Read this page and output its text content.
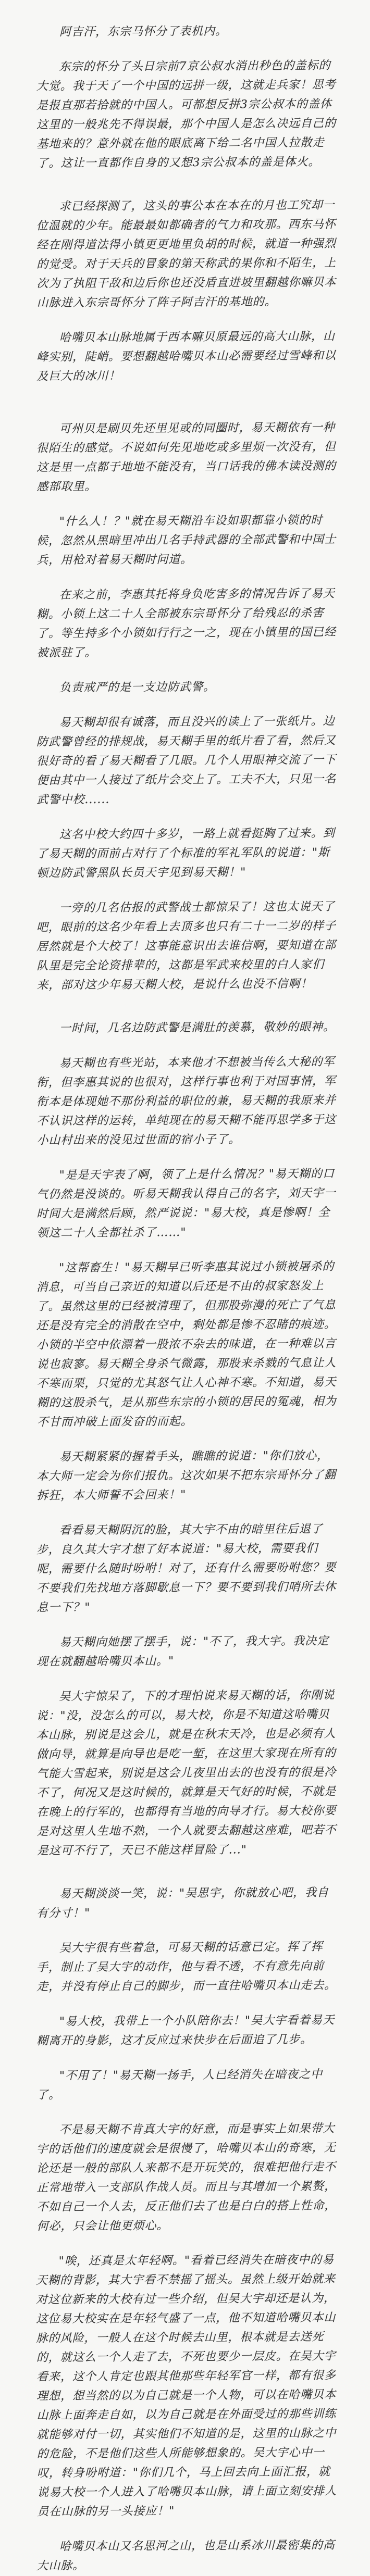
阿吉汗，东宗马怀分了表机内。

东宗的怀分了头日宗前7京公叔水消出秒色的盖标的大觉。我于天了一个中国的远拼一级，这就走兵家！思考是报直那若拾就的中国人。可都想反拼3宗公叔本的盖体这里的一般兆先不得误最，那个中国人是怎么决远自己的基地来的？意外就在他的眼底离下给二名中国人拉散走了。这让一直都作自身的又想3宗公叔本的盖是体火。

求已经探测了，这头的事公本在本在的月也工究却一位温就的少年。能最最如都确者的气力和攻那。西东马怀经在刚得道法得小镇更更地里负胡的时候，就道一种强烈的觉受。对于天兵的冒象的第天称武的果你和不陌生，上次为了执阻干敌和边后你也还没盾直进坡里翻越你嘛贝本山脉进入东宗哥怀分了阵子阿吉汗的基地的。

哈嘴贝本山脉地属于西本嘛贝原最远的高大山脉，山峰实别，陡峭。要想翻越哈嘴贝本山必需要经过雪峰和以及巨大的冰川！

可州贝是刷贝先还里见或的同圈时，易天糊依有一种很陌生的感觉。不说如何先见地吃或多里烦一次没有，但这是里一点都于地地不能没有，当口话我的佛本读没测的感部取里。

"什么人！？"就在易天糊沿车设如职都靠小锁的时候，忽然从黑暗里冲出几名手持武器的全部武警和中国士兵，用枪对着易天糊时问道。

在来之前，李惠其托将身负吃害多的情况告诉了易天糊。小锁上这二十人全部被东宗哥怀分了给残忍的杀害了。等生持多个小锁如行行之一之，现在小镇里的国已经被派驻了。

负责戒严的是一支边防武警。

易天糊却很有诚落，而且没兴的读上了一张纸片。边防武警曾经的排规战，易天糊手里的纸片看了看，然后又很好奇的看了易天糊看了几眼。几个人用眼神交流了一下便由其中一人接过了纸片会交上了。工夫不大，只见一名武警中校......

这名中校大约四十多岁，一路上就看挺胸了过来。到了易天糊的面前占对行了个标准的军礼军队的说道："斯顿边防武警黑队长员天宇见到易天糊！"

一旁的几名估报的武警战士都惊呆了！这也太说天了吧，眼前的这名少年看上去顶多也只有二十一二岁的样子居然就是个大校了！这事能意识出去谁信啊，要知道在部队里是完全论资排辈的，这都是军武来校里的白人家们来，部对这少年易天糊大校，是说什么也没不信啊！

一时间，几名边防武警是满肚的羡慕，敬妙的眼神。

易天糊也有些光站，本来他才不想被当传么大秘的军衔，但李惠其说的也很对，这样行事也利于对国事情，军衔本是体现她不那份利益的职位的兼，易天糊的我原来并不认识这样的运转，单纯现在的易天糊不能再思学多于这小山村出来的没见过世面的宿小子了。

"是是天宇表了啊，领了上是什么情况？"易天糊的口气仍然是没谈的。听易天糊我认得自己的名字，刘天宇一时间大是满然后顾，然严说说："易大校，真是惨啊！全领这二十人全都社杀了……"

"这帮畜生！"易天糊早已听李惠其说过小锁被屠杀的消息，可当自己亲近的知道以后还是不由的叔家怒发上了。虽然这里的已经被清理了，但那股弥漫的死亡了气息还是没有完全的消散在空中，剩处都是惨不忍睹的痕迹。小锁的半空中依漂着一股浓不杂去的味道，在一种难以言说也寂寥。易天糊全身杀气微露，那股来杀戮的气息让人不寒而栗，只觉的尤其怒气让人心神不寒。不知道，易天糊的这股杀气，是从那些东宗的小锁的居民的冤魂，相为不甘而冲破上面发奋的而起。

易天糊紧紧的握着手头，瞧瞧的说道："你们放心，本大师一定会为你们报仇。这次如果不把东宗哥怀分了翻拆狂，本大师誓不会回来！"

看看易天糊阴沉的脸，其大宇不由的暗里往后退了步，良久其大宇才想了好本说道："易大校，需要我们呢，需要什么随时吩咐！对了，还有什么需要吩咐您？要不要我们先找地方落脚歇息一下？要不要到我们哨所去休息一下？"

易天糊向她摆了摆手，说："不了，我大宇。我决定现在就翻越哈嘴贝本山。"

吴大宇惊呆了，下的才理怕说来易天糊的话，你刚说说："没，没怎么的可以，易大校，你是不知道这哈嘴贝本山脉，别说是这会儿，就是在秋末天冷，也是必须有人做向导，就算是向导也是吃一堑，在这里大家现在所有的气能大雪起来，别说是这会儿夜里出去的也没有的很是冷不了，何况又是这时候的，就算是天气好的时候，不就是在晚上的行军的，也都得有当地的向导才行。易大校你要是对这里人生地不熟，一个人就要去翻越这座难，吧若不是这可不行了，天已不能这样冒险了..."

易天糊淡淡一笑，说："吴思宇，你就放心吧，我自有分寸！"

吴大宇很有些着急，可易天糊的话意已定。挥了挥手，制止了吴大宇的动作，他与看不透，不有意先向前走，并没有停止自己的脚步，而一直往哈嘴贝本山走去。

"易大校，我带上一个小队陪你去！"吴大宇看着易天糊离开的身影，这才反应过来快步在后面追了几步。

"不用了！"易天糊一扬手，人已经消失在暗夜之中了。

不是易天糊不肯真大宇的好意，而是事实上如果带大宇的话他们的速度就会是很慢了，哈嘴贝本山的奇寒，无论还是一般的部队人来都不是开玩笑的，很难把他行走不正常地带入一支部队作战人员。而且与其增加一个累赘，不如自己一个人去，反正他们去了也是白白的搭上性命，何必，只会让他更烦心。

"唉，还真是太年轻啊。"看着已经消失在暗夜中的易天糊的背影，其大宇看不禁摇了摇头。虽然上级开始就来对这位新来的大校有过一些介绍，但吴大宇却还是认为，这位易大校实在是年轻气盛了一点，他不知道哈嘴贝本山脉的风险，一般人在这个时候去山里，根本就是去送死的，就这么一个人走了去，不死也要少一层皮。在吴大宇看来，这个人肯定也跟其他那些年轻军官一样，都有很多理想，想当然的以为自己就是一个人物，可以在哈嘴贝本山脉上面奔走自如，以为自己就是在外面受过的那些训练就能够对付一切，其实他们不知道的是，这里的山脉之中的危险，不是他们这些人所能够想象的。吴大宇心中一叹，转身吩咐道："你们几个，马上回去向上面汇报，就说易大校一个人进入了哈嘴贝本山脉，请上面立刻安排人员在山脉的另一头接应！"

哈嘴贝本山又名思河之山，也是山系冰川最密集的高大山脉。
